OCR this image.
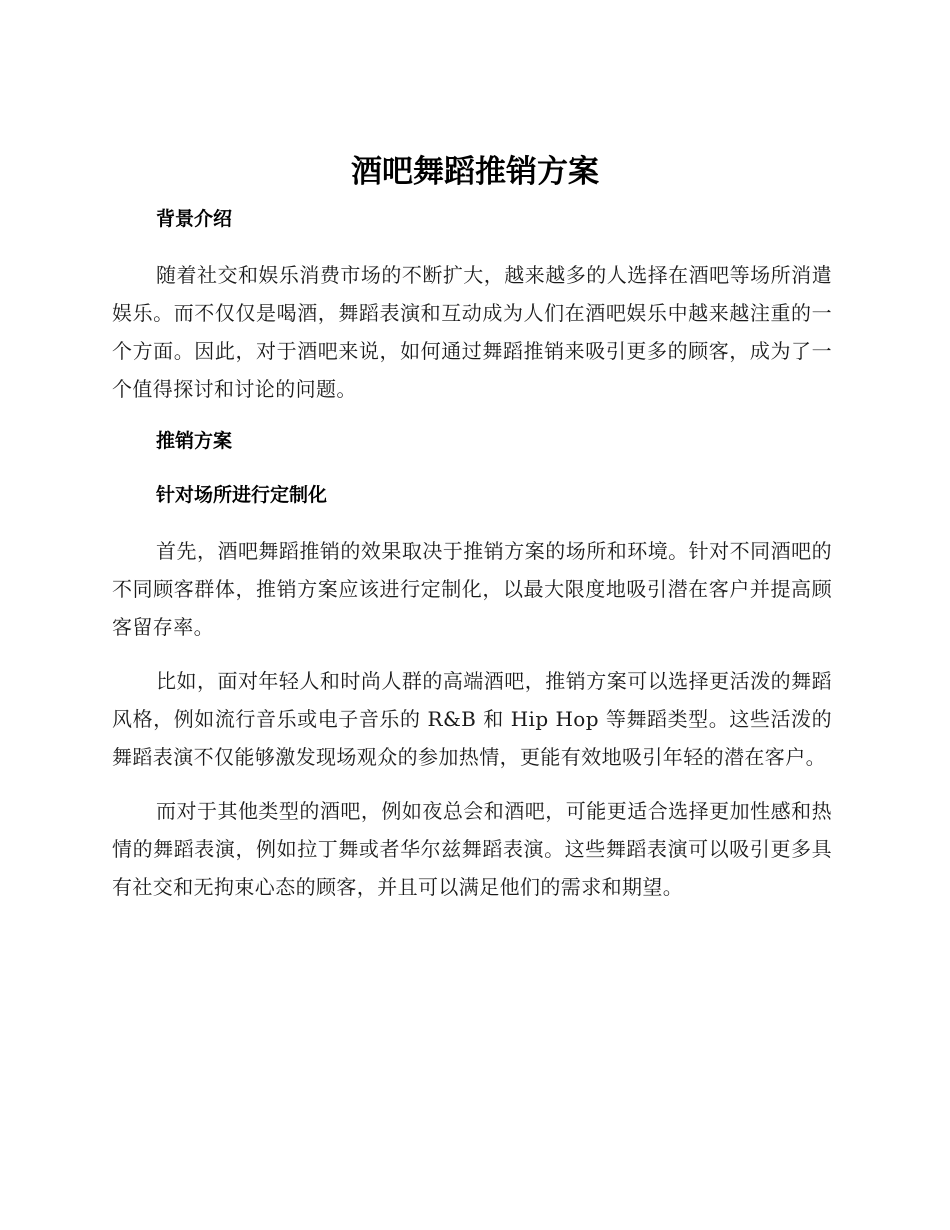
酒吧舞蹈推销方案
背景介绍

随着社交和娱乐消费市场的不断扩大，越来越多的人选择在酒吧等场所消遣娱乐。而不仅仅是喝酒，舞蹈表演和互动成为人们在酒吧娱乐中越来越注重的一个方面。因此，对于酒吧来说，如何通过舞蹈推销来吸引更多的顾客，成为了一个值得探讨和讨论的问题。

推销方案
针对场所进行定制化

首先，酒吧舞蹈推销的效果取决于推销方案的场所和环境。针对不同酒吧的不同顾客群体，推销方案应该进行定制化，以最大限度地吸引潜在客户并提高顾客留存率。

比如，面对年轻人和时尚人群的高端酒吧，推销方案可以选择更活泼的舞蹈风格，例如流行音乐或电子音乐的 R&B 和 Hip Hop 等舞蹈类型。这些活泼的舞蹈表演不仅能够激发现场观众的参加热情，更能有效地吸引年轻的潜在客户。

而对于其他类型的酒吧，例如夜总会和酒吧，可能更适合选择更加性感和热情的舞蹈表演，例如拉丁舞或者华尔兹舞蹈表演。这些舞蹈表演可以吸引更多具有社交和无拘束心态的顾客，并且可以满足他们的需求和期望。
